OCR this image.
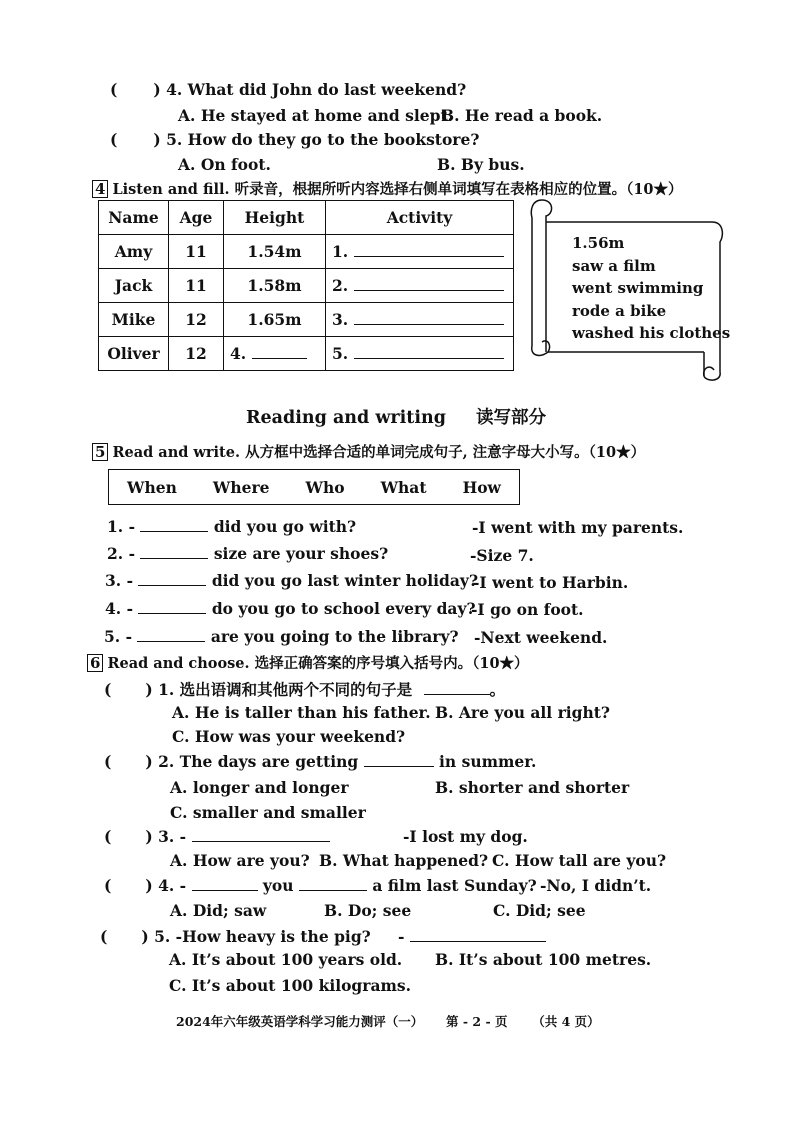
( ) 4. What did John do last weekend?
A. He stayed at home and slept.
B. He read a book.
( ) 5. How do they go to the bookstore?
A. On foot.	B. By bus.
4 Listen and fill. 听录音，根据所听内容选择右侧单词填写在表格相应的位置。（10★）
Name	Age	Height	Activity
Amy	11	1.54m	1.
Jack	11	1.58m	2.
Mike	12	1.65m	3.
Oliver	12	4.	5.
1.56m
saw a film
went swimming
rode a bike
washed his clothes
Reading and writing 读写部分
5 Read and write. 从方框中选择合适的单词完成句子, 注意字母大小写。（10★）
When Where Who What How
1. -	did you go with?	-I went with my parents.
2. -	size are your shoes?	-Size 7.
3. -	did you go last winter holiday?
-I went to Harbin.
4. -	do you go to school every day?
-I go on foot.
5. -	are you going to the library? -Next weekend.
6 Read and choose. 选择正确答案的序号填入括号内。（10★）
( ) 1. 选出语调和其他两个不同的句子是	。
A. He is taller than his father. B. Are you all right?
C. How was your weekend?
( ) 2. The days are getting	in summer.
A. longer and longer	B. shorter and shorter
C. smaller and smaller
( ) 3. -	-I lost my dog.
A. How are you? B. What happened? C. How tall are you?
( ) 4. -	you	a film last Sunday? -No, I didn’t.
A. Did; saw	B. Do; see	C. Did; see
( ) 5. -How heavy is the pig? -
A. It’s about 100 years old. B. It’s about 100 metres.
C. It’s about 100 kilograms.
2024年六年级英语学科学习能力测评（一） 第 - 2 - 页 （共 4 页）
